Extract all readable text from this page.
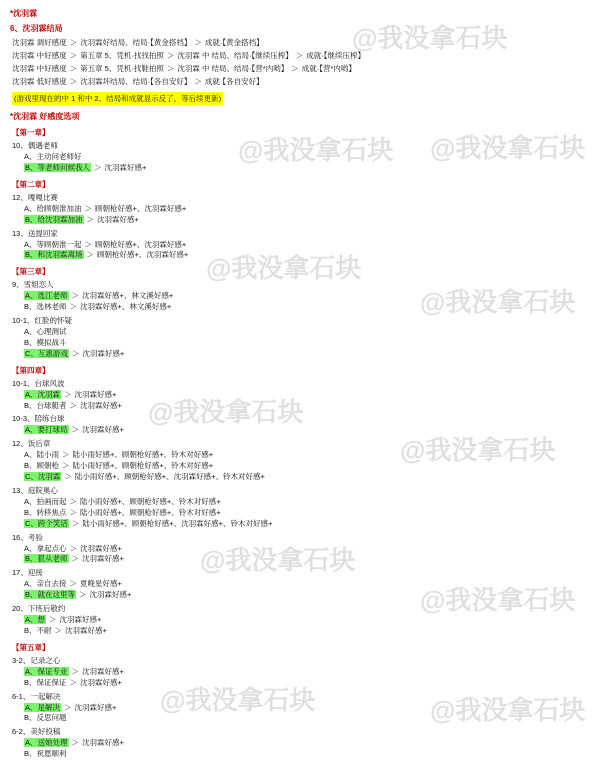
@我没拿石块
@我没拿石块 @我没拿石块
@我没拿石块
@我没拿石块
@我没拿石块
@我没拿石块
@我没拿石块
@我没拿石块
@我没拿石块	@我没拿石块
*沈羽霖
6、沈羽霖结局
沈羽霖 调好感度 ＞ 沈羽霖好结局、结局·【黄金搭档】 ＞ 成就·【黄金搭档】
沈羽霖 中好感度 ＞ 第五章 5、凭机·找找拍照 ＞ 沈羽霖 中 结局、结局·【继续压榨】 ＞ 成就·【继续压榨】
沈羽霖 中好感度 ＞ 第五章 5、凭机·找鞋拍照 ＞ 沈羽霖 中 结局、结局·【营*内哟】 ＞ 成就·【营*内哟】
沈羽霖 低好感度 ＞ 沈羽霖坏结局、结局·【各自安好】 ＞ 成就·【各自安好】
(游戏里现在的中 1 和中 2、结局和成就显示反了，等后续更新)
*沈羽霖 好感度选项
【第一章】
10、偶遇老师
A、主动问老师好
B、等老师问候我人 ＞ 沈羽霖好感+
【第二章】
12、嘎嘎比赛
A、给顾朝淮加油 ＞ 顾朝枪好感+、沈羽霖好感+
B、给沈羽霖加油 ＞ 沈羽霖好感+
13、送提回家
A、等顾朝淮一起 ＞ 顾朝枪好感+、沈羽霖好感+
B、和沈羽霖离场 ＞ 顾朝枪好感+、沈羽霖好感+
【第三章】
9、雪姐恋人
A、选江老师 ＞ 沈羽霖好感+、林文溪好感+
B、选林老师 ＞ 沈羽霖好感+、林文溪好感+
10-1、红脸的怀疑
A、心理测试
B、模拟战斗
C、互惠游戏 ＞ 沈羽霖好感+
【第四章】
10-1、台球风波
A、沈羽霖 ＞ 沈羽霖好感+
B、台球艇者 ＞ 沈羽霖好感+
10-3、陪练台球
A、要打球局 ＞ 沈羽霖好感+
12、饭后章
A、陆小雨 ＞ 陆小雨好感+、顾朝枪好感+、铃木对好感+
B、顾朝枪 ＞ 陆小雨好感+、顾朝枪好感+、铃木对好感+
C、沈羽霖 ＞ 陆小雨好感+、顾朝枪好感+、沈羽霖好感+、铃木对好感+
13、庭院奥心
A、拍画而起 ＞ 陆小雨好感+、顾朝枪好感+、铃木对好感+
B、转移焦点 ＞ 陆小雨好感+、顾朝枪好感+、铃木对好感+
C、跨个笑话 ＞ 陆小雨好感+、顾朝枪好感+、沈羽霖好感+、铃木对好感+
16、考验
A、拿起点心 ＞ 沈羽霖好感+
B、狠从老师 ＞ 沈羽霖好感+
17、迎接
A、亲自去接 ＞ 夏晚星好感+
B、就在这里等 ＞ 沈羽霖好感+
20、下班后敬约
A、想 ＞ 沈羽霖好感+
B、不耐 ＞ 沈羽霖好感+
【第五章】
3-2、记录之心
A、保证专业 ＞ 沈羽霖好感+
B、保证保证 ＞ 沈羽霖好感+
6-1、一起解决
A、是解决 ＞ 沈羽霖好感+
B、反思问题
6-2、美好投稿
A、送她处理 ＞ 沈羽霖好感+
B、祝愿顺利
